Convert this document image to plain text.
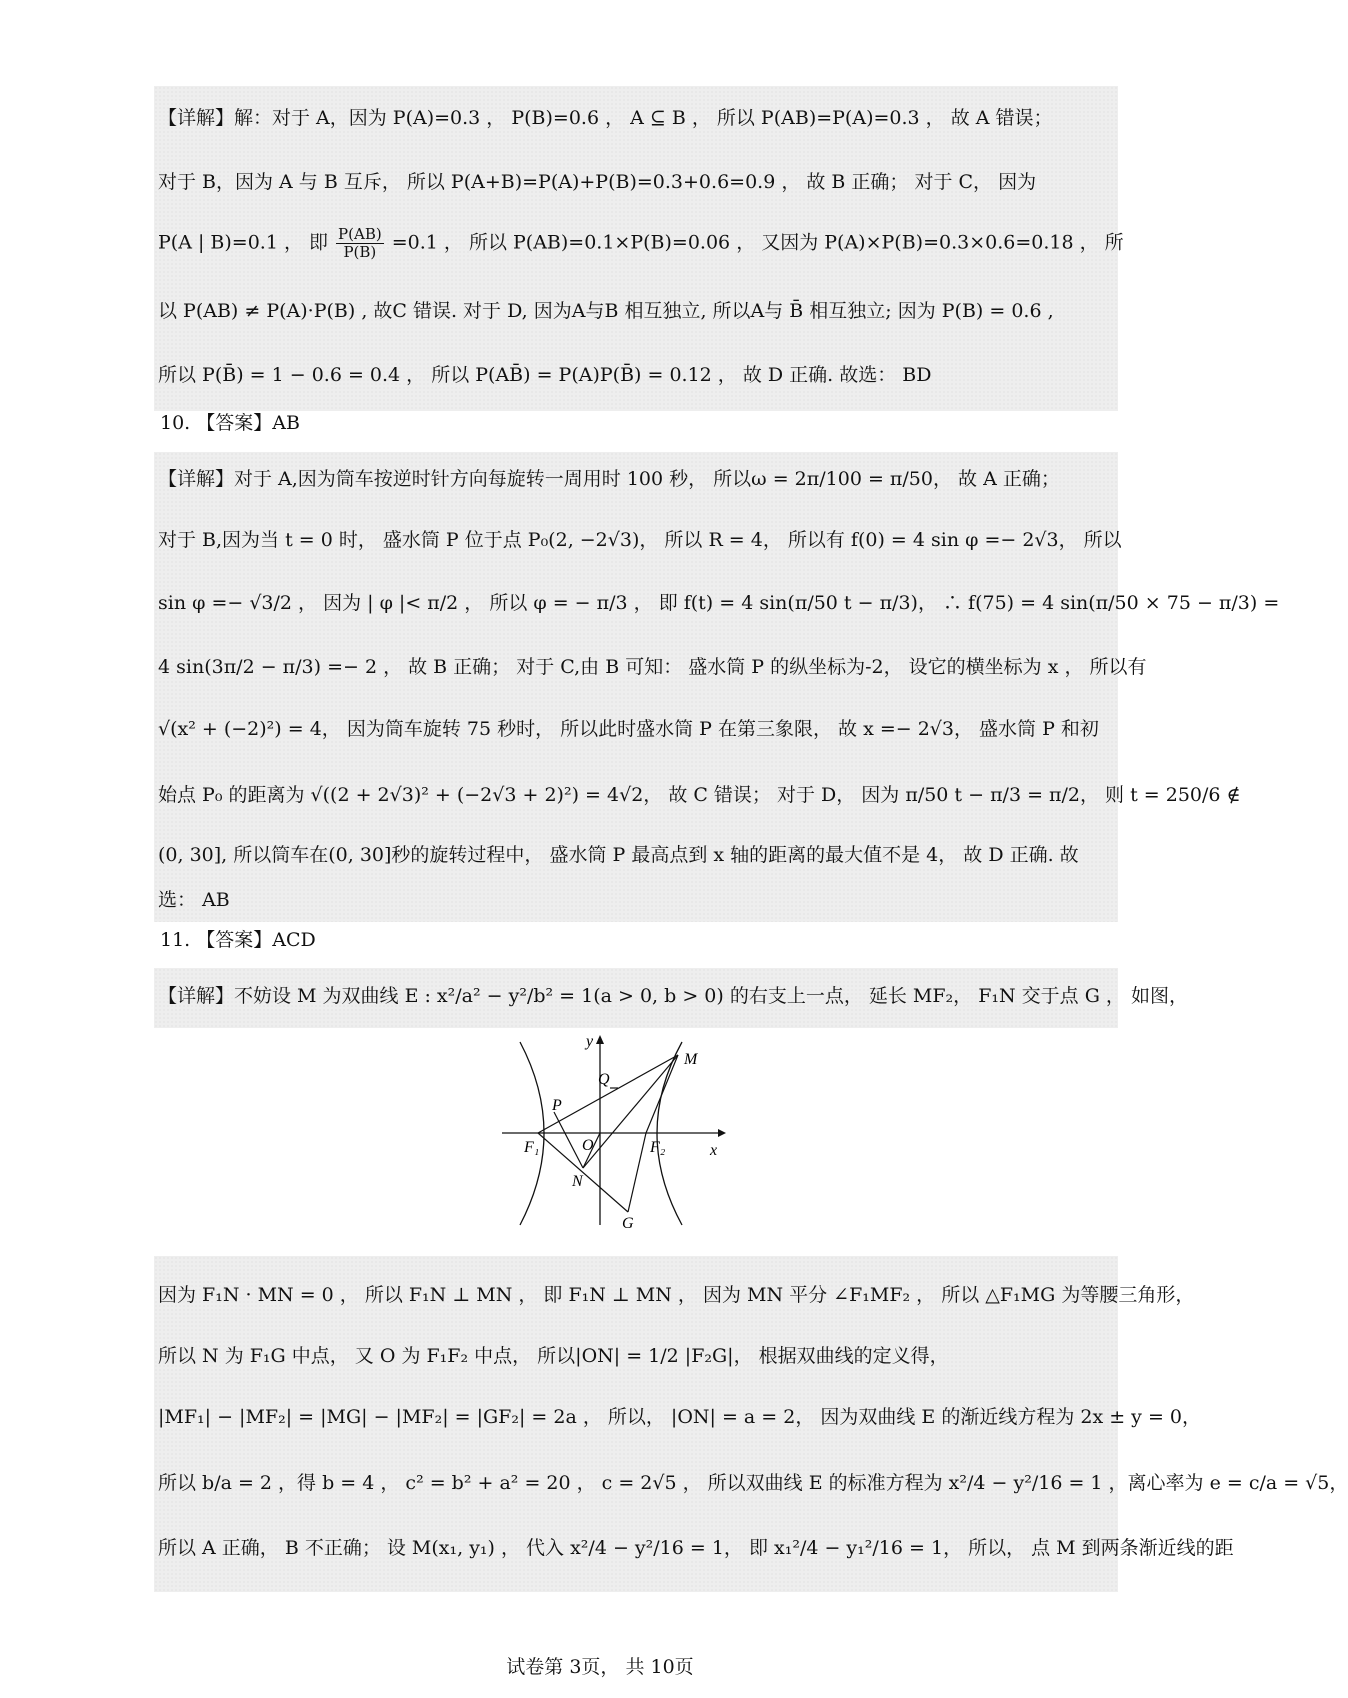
【详解】解：对于 A，因为 P(A)=0.3 ， P(B)=0.6 ， A ⊆ B ， 所以 P(AB)=P(A)=0.3 ， 故 A 错误；
对于 B，因为 A 与 B 互斥， 所以 P(A+B)=P(A)+P(B)=0.3+0.6=0.9 ， 故 B 正确； 对于 C， 因为
P(A | B)=0.1 ， 即 $\frac{P(AB)}{P(B)} =0.1$ ， 所以 P(AB)=0.1×P(B)=0.06 ， 又因为 P(A)×P(B)=0.3×0.6=0.18 ， 所
以 P(AB) ≠ P(A)·P(B) , 故C 错误. 对于 D, 因为A与B 相互独立, 所以A与 B̄ 相互独立; 因为 P(B) = 0.6 ,
所以 P(B̄) = 1 − 0.6 = 0.4 ， 所以 P(AB̄) = P(A)P(B̄) = 0.12 ， 故 D 正确. 故选： BD
10. 【答案】AB
【详解】对于 A,因为筒车按逆时针方向每旋转一周用时 100 秒， 所以ω = 2π/100 = π/50， 故 A 正确；
对于 B,因为当 t = 0 时， 盛水筒 P 位于点 P₀(2, −2√3)， 所以 R = 4， 所以有 f(0) = 4 sin φ =− 2√3， 所以
sin φ =− √3/2 ， 因为 | φ |< π/2 ， 所以 φ = − π/3 ， 即 f(t) = 4 sin(π/50 t − π/3)， ∴ f(75) = 4 sin(π/50 × 75 − π/3) =
4 sin(3π/2 − π/3) =− 2 ， 故 B 正确； 对于 C,由 B 可知： 盛水筒 P 的纵坐标为-2， 设它的横坐标为 x ， 所以有
√(x² + (−2)²) = 4， 因为筒车旋转 75 秒时， 所以此时盛水筒 P 在第三象限， 故 x =− 2√3， 盛水筒 P 和初
始点 P₀ 的距离为 √((2 + 2√3)² + (−2√3 + 2)²) = 4√2， 故 C 错误； 对于 D， 因为 π/50 t − π/3 = π/2， 则 t = 250/6 ∉
(0, 30], 所以筒车在(0, 30]秒的旋转过程中， 盛水筒 P 最高点到 x 轴的距离的最大值不是 4， 故 D 正确. 故
选： AB
11. 【答案】ACD
【详解】不妨设 M 为双曲线 E : x²/a² − y²/b² = 1(a > 0, b > 0) 的右支上一点， 延长 MF₂， F₁N 交于点 G ， 如图，
y
x
M
Q
P
F₁	O	F₂
N
G
因为 F₁N · MN = 0 ， 所以 F₁N ⊥ MN ， 即 F₁N ⊥ MN ， 因为 MN 平分 ∠F₁MF₂ ， 所以 △F₁MG 为等腰三角形，
所以 N 为 F₁G 中点， 又 O 为 F₁F₂ 中点， 所以|ON| = 1/2 |F₂G|， 根据双曲线的定义得，
|MF₁| − |MF₂| = |MG| − |MF₂| = |GF₂| = 2a ， 所以， |ON| = a = 2， 因为双曲线 E 的渐近线方程为 2x ± y = 0，
所以 b/a = 2 ，得 b = 4 ， c² = b² + a² = 20 ， c = 2√5 ， 所以双曲线 E 的标准方程为 x²/4 − y²/16 = 1 ，离心率为 e = c/a = √5，
所以 A 正确， B 不正确； 设 M(x₁, y₁) ， 代入 x²/4 − y²/16 = 1， 即 x₁²/4 − y₁²/16 = 1， 所以， 点 M 到两条渐近线的距
试卷第 3页， 共 10页
